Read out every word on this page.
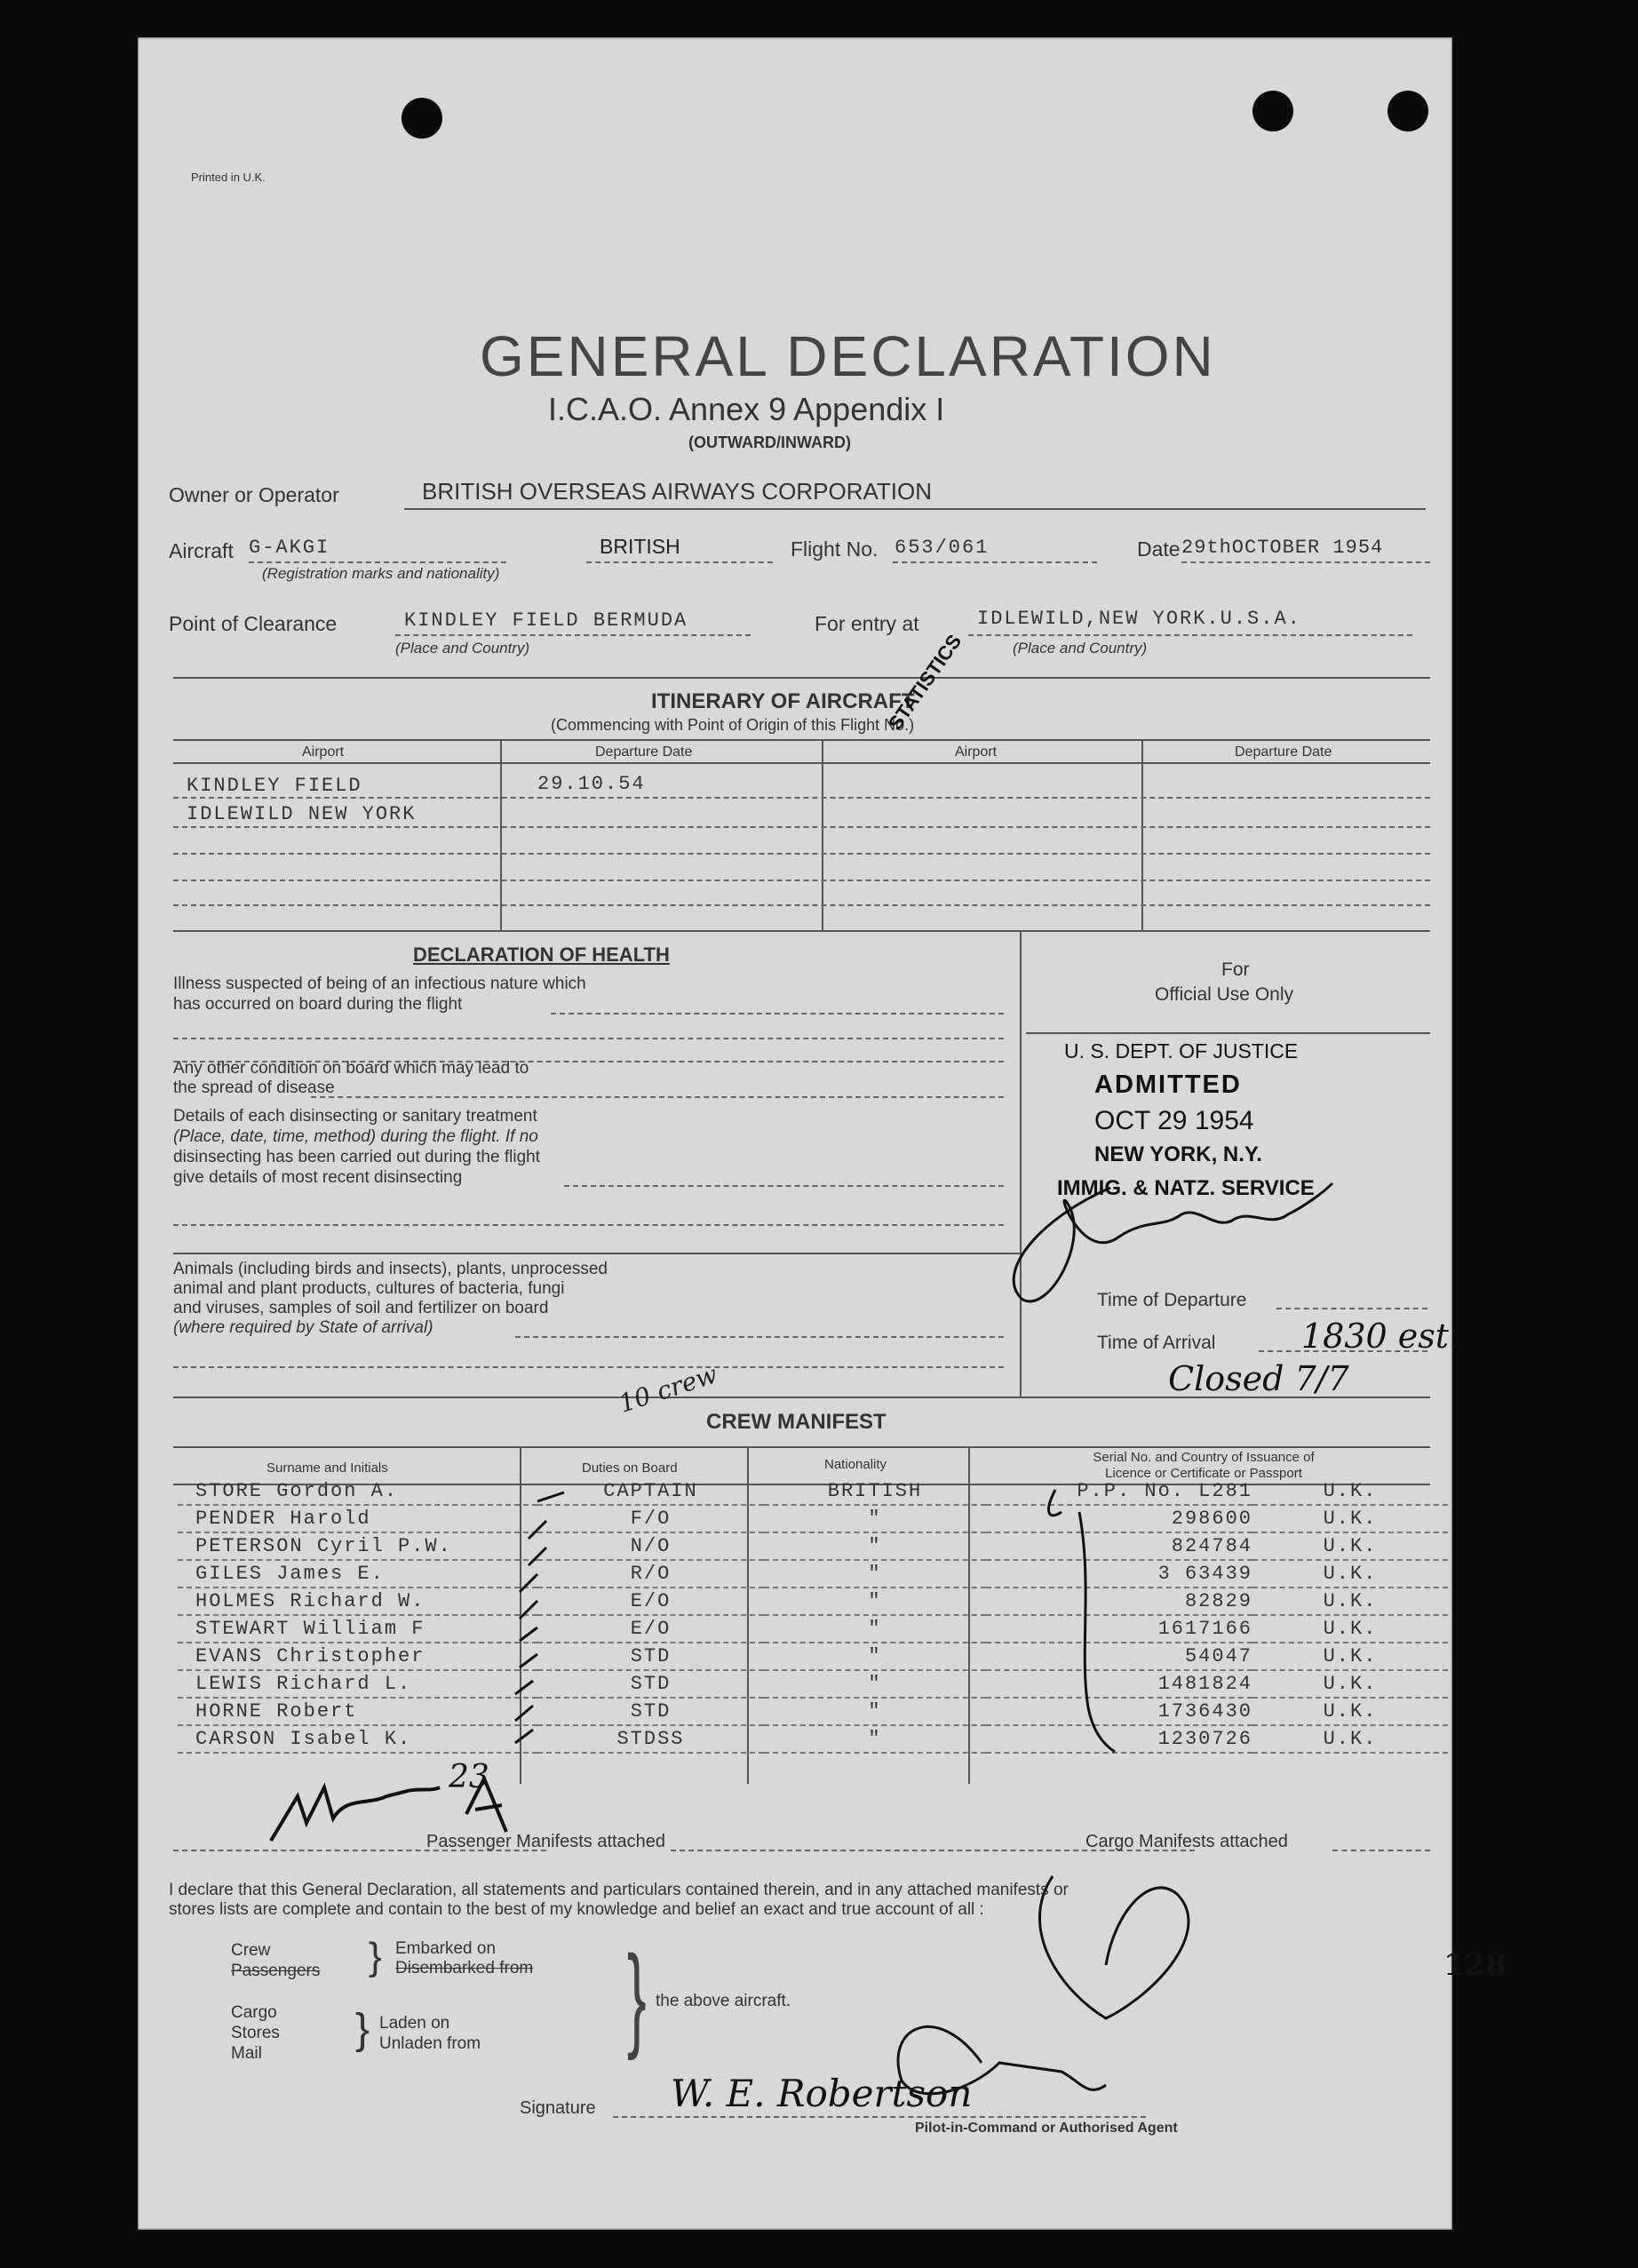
Printed in U.K.
GENERAL DECLARATION
I.C.A.O. Annex 9 Appendix I
(OUTWARD/INWARD)
Owner or Operator	BRITISH OVERSEAS AIRWAYS CORPORATION
Aircraft G-AKGI	BRITISH	Flight No. 653/061	Date 29thOCTOBER 1954
(Registration marks and nationality)
Point of Clearance	KINDLEY FIELD BERMUDA
(Place and Country)
For entry at	IDLEWILD,NEW YORK.U.S.A.
(Place and Country)
ITINERARY OF AIRCRAFT
(Commencing with Point of Origin of this Flight No.)
Airport	Departure Date	Airport	Departure Date
KINDLEY FIELD	29.10.54
IDLEWILD NEW YORK
STATISTICS
DECLARATION OF HEALTH
Illness suspected of being of an infectious nature which
has occurred on board during the flight
Any other condition on board which may lead to
the spread of disease
Details of each disinsecting or sanitary treatment
(Place, date, time, method) during the flight. If no
disinsecting has been carried out during the flight
give details of most recent disinsecting
Animals (including birds and insects), plants, unprocessed
animal and plant products, cultures of bacteria, fungi
and viruses, samples of soil and fertilizer on board
(where required by State of arrival)
For
Official Use Only
U. S. DEPT. OF JUSTICE
ADMITTED
OCT 29 1954
NEW YORK, N.Y.
IMMIG. & NATZ. SERVICE
Time of Departure
Time of Arrival	1830 est.
Closed 7/7
10 crew
CREW MANIFEST
Surname and Initials	Duties on Board	Nationality	Serial No. and Country of Issuance of Licence or Certificate or Passport
STORE Gordon A.	CAPTAIN	BRITISH	P.P. No. L281	U.K.
PENDER Harold	F/O	"	298600	U.K.
PETERSON Cyril P.W.	N/O	"	824784	U.K.
GILES James E.	R/O	"	3 63439	U.K.
HOLMES Richard W.	E/O	"	82829	U.K.
STEWART William F	E/O	"	1617166	U.K.
EVANS Christopher	STD	"	54047	U.K.
LEWIS Richard L.	STD	"	1481824	U.K.
HORNE Robert	STD	"	1736430	U.K.
CARSON Isabel K.	STDSS	"	1230726	U.K.
23
Passenger Manifests attached	Cargo Manifests attached
I declare that this General Declaration, all statements and particulars contained therein, and in any attached manifests or
stores lists are complete and contain to the best of my knowledge and belief an exact and true account of all :
Crew
Passengers } Embarked on
Disembarked from
Cargo
Stores
Mail
} Laden on
Unladen from } the above aircraft.
Signature W. E. Robertson
Pilot-in-Command or Authorised Agent
128
